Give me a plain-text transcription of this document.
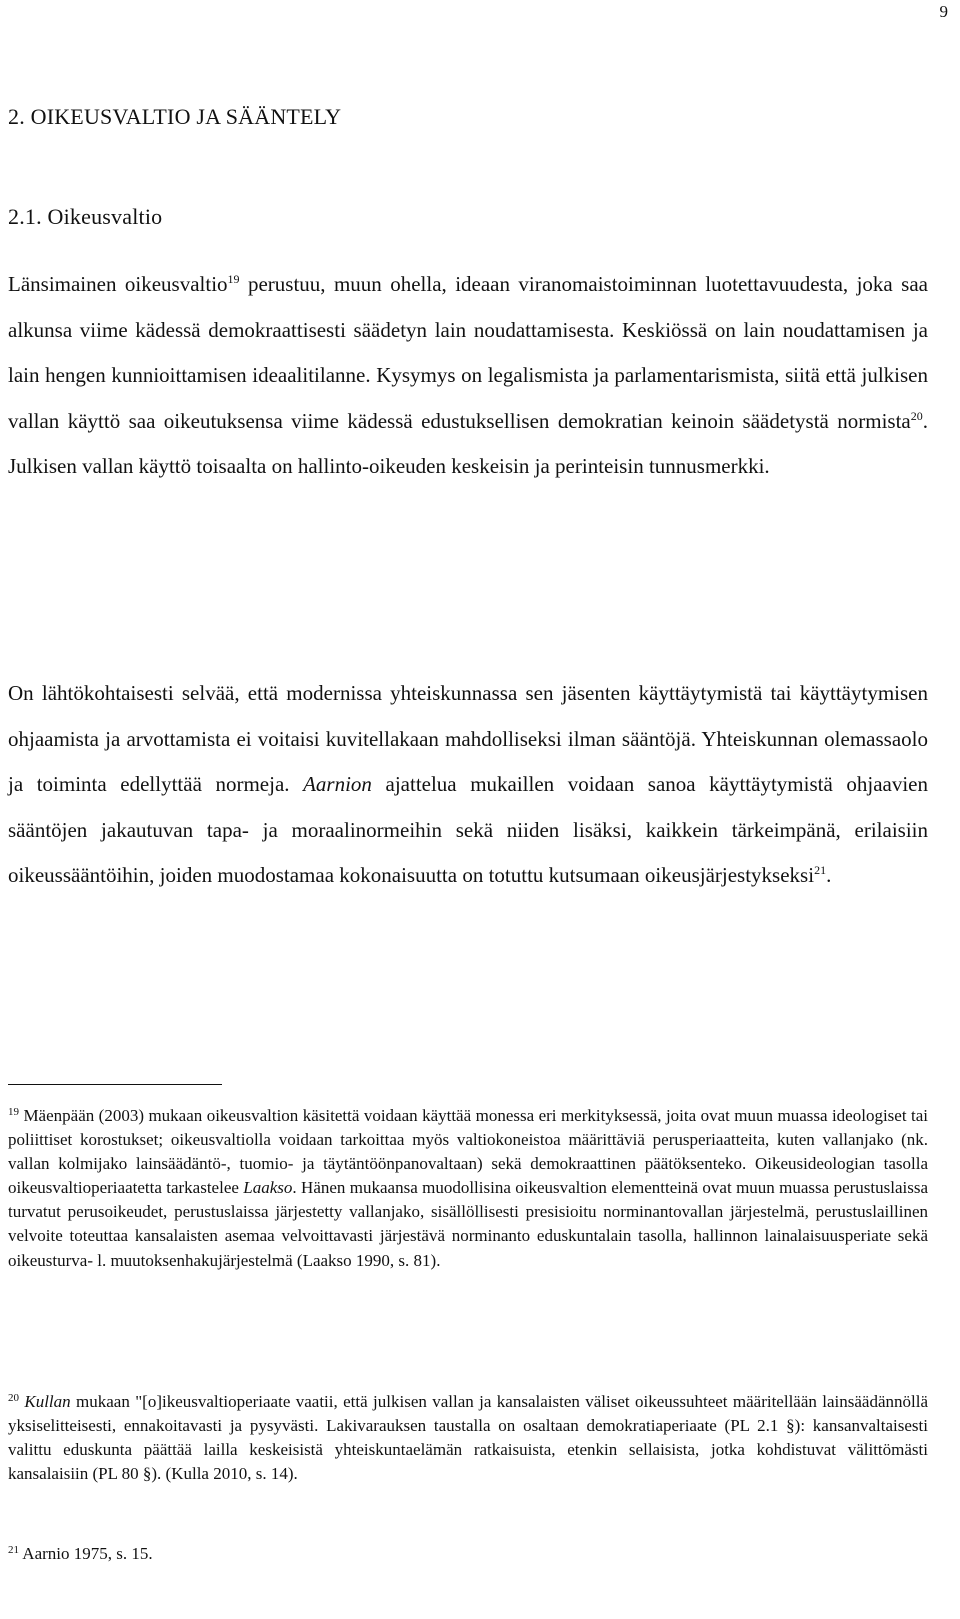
9
2. OIKEUSVALTIO JA SÄÄNTELY
2.1. Oikeusvaltio

Länsimainen oikeusvaltio$^{19}$ perustuu, muun ohella, ideaan viranomaistoiminnan luotettavuudesta, joka saa alkunsa viime kädessä demokraattisesti säädetyn lain noudattamisesta. Keskiössä on lain noudattamisen ja lain hengen kunnioittamisen ideaalitilanne. Kysymys on legalismista ja parlamentarismista, siitä että julkisen vallan käyttö saa oikeutuksensa viime kädessä edustuksellisen demokratian keinoin säädetystä normista$^{20}$. Julkisen vallan käyttö toisaalta on hallinto-oikeuden keskeisin ja perinteisin tunnusmerkki.

On lähtökohtaisesti selvää, että modernissa yhteiskunnassa sen jäsenten käyttäytymistä tai käyttäytymisen ohjaamista ja arvottamista ei voitaisi kuvitellakaan mahdolliseksi ilman sääntöjä. Yhteiskunnan olemassaolo ja toiminta edellyttää normeja. Aarnion ajattelua mukaillen voidaan sanoa käyttäytymistä ohjaavien sääntöjen jakautuvan tapa- ja moraalinormeihin sekä niiden lisäksi, kaikkein tärkeimpänä, erilaisiin oikeussääntöihin, joiden muodostamaa kokonaisuutta on totuttu kutsumaan oikeusjärjestykseksi$^{21}$.

$^{19}$ Mäenpään (2003) mukaan oikeusvaltion käsitettä voidaan käyttää monessa eri merkityksessä, joita ovat muun muassa ideologiset tai poliittiset korostukset; oikeusvaltiolla voidaan tarkoittaa myös valtiokoneistoa määrittäviä perusperiaatteita, kuten vallanjako (nk. vallan kolmijako lainsäädäntö-, tuomio- ja täytäntöönpanovaltaan) sekä demokraattinen päätöksenteko. Oikeusideologian tasolla oikeusvaltioperiaatetta tarkastelee Laakso. Hänen mukaansa muodollisina oikeusvaltion elementteinä ovat muun muassa perustuslaissa turvatut perusoikeudet, perustuslaissa järjestetty vallanjako, sisällöllisesti presisioitu norminantovallan järjestelmä, perustuslaillinen velvoite toteuttaa kansalaisten asemaa velvoittavasti järjestävä norminanto eduskuntalain tasolla, hallinnon lainalaisuusperiate sekä oikeusturva- l. muutoksenhakujärjestelmä (Laakso 1990, s. 81).

$^{20}$ Kullan mukaan "[o]ikeusvaltioperiaate vaatii, että julkisen vallan ja kansalaisten väliset oikeussuhteet määritellään lainsäädännöllä yksiselitteisesti, ennakoitavasti ja pysyvästi. Lakivarauksen taustalla on osaltaan demokratiaperiaate (PL 2.1 §): kansanvaltaisesti valittu eduskunta päättää lailla keskeisistä yhteiskuntaelämän ratkaisuista, etenkin sellaisista, jotka kohdistuvat välittömästi kansalaisiin (PL 80 §). (Kulla 2010, s. 14).

$^{21}$ Aarnio 1975, s. 15.
